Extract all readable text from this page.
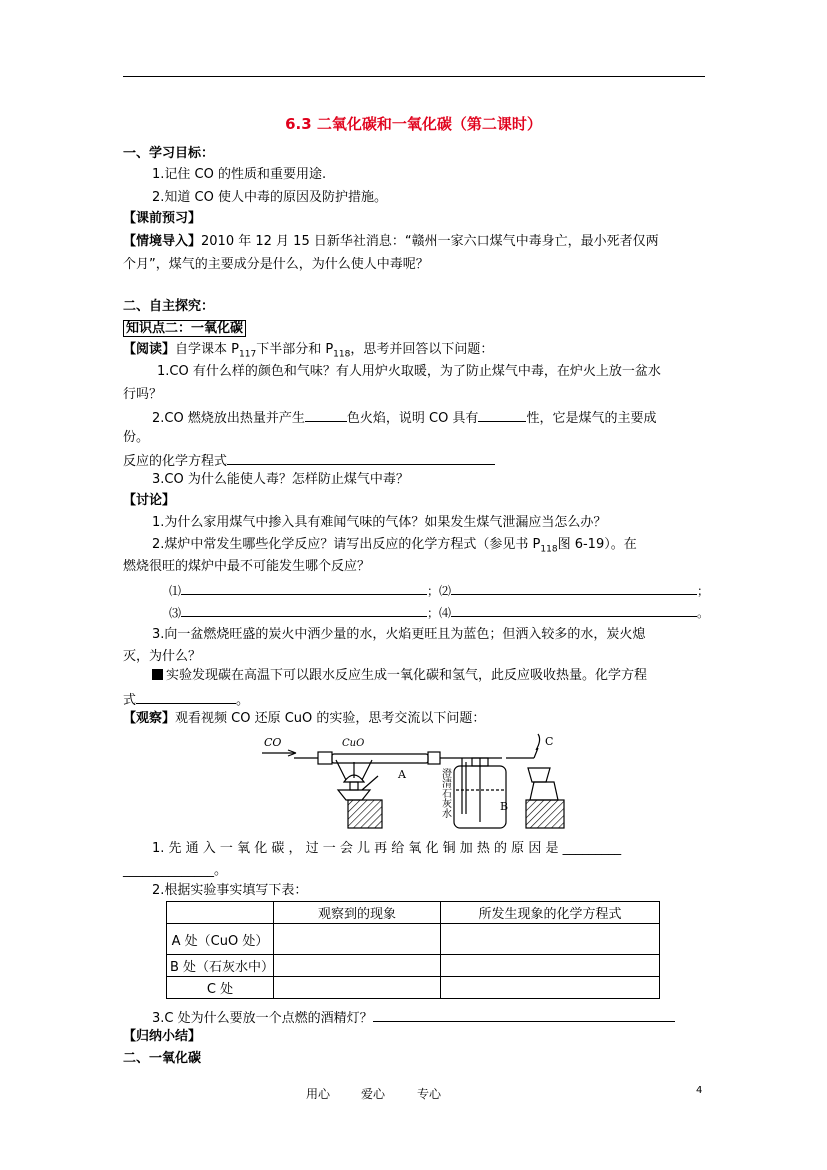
6.3 二氧化碳和一氧化碳（第二课时）
一、学习目标：
1.记住 CO 的性质和重要用途.
2.知道 CO 使人中毒的原因及防护措施。
【课前预习】
【情境导入】2010 年 12 月 15 日新华社消息：“赣州一家六口煤气中毒身亡，最小死者仅两
个月”，煤气的主要成分是什么，为什么使人中毒呢？
二、自主探究：
知识点二：一氧化碳
【阅读】自学课本 $P_{117}$下半部分和 $P_{118}$，思考并回答以下问题：
1.CO 有什么样的颜色和气味？有人用炉火取暖，为了防止煤气中毒，在炉火上放一盆水
行吗？
2.CO 燃烧放出热量并产生	色火焰，说明 CO 具有	性，它是煤气的主要成
份。
反应的化学方程式
3.CO 为什么能使人毒？怎样防止煤气中毒？
【讨论】
1.为什么家用煤气中掺入具有难闻气味的气体？如果发生煤气泄漏应当怎么办？
2.煤炉中常发生哪些化学反应？请写出反应的化学方程式（参见书 $P_{118}$图 6-19）。在
燃烧很旺的煤炉中最不可能发生哪个反应？
⑴	；⑵	；
⑶	；⑷	。
3.向一盆燃烧旺盛的炭火中洒少量的水，火焰更旺且为蓝色；但洒入较多的水，炭火熄
灭，为什么？
实验发现碳在高温下可以跟水反应生成一氧化碳和氢气，此反应吸收热量。化学方程
式	。
【观察】观看视频 CO 还原 CuO 的实验，思考交流以下问题：
CO	CuO
A
B
C
澄清石灰水
1. 先 通 入 一 氧 化 碳 ， 过 一 会 儿 再 给 氧 化 铜 加 热 的 原 因 是 _________
______________。
2.根据实验事实填写下表：
	观察到的现象	所发生现象的化学方程式
A 处（CuO 处）		
B 处（石灰水中）		
C 处		
3.C 处为什么要放一个点燃的酒精灯？
【归纳小结】
二、一氧化碳
用心	爱心	专心	4
